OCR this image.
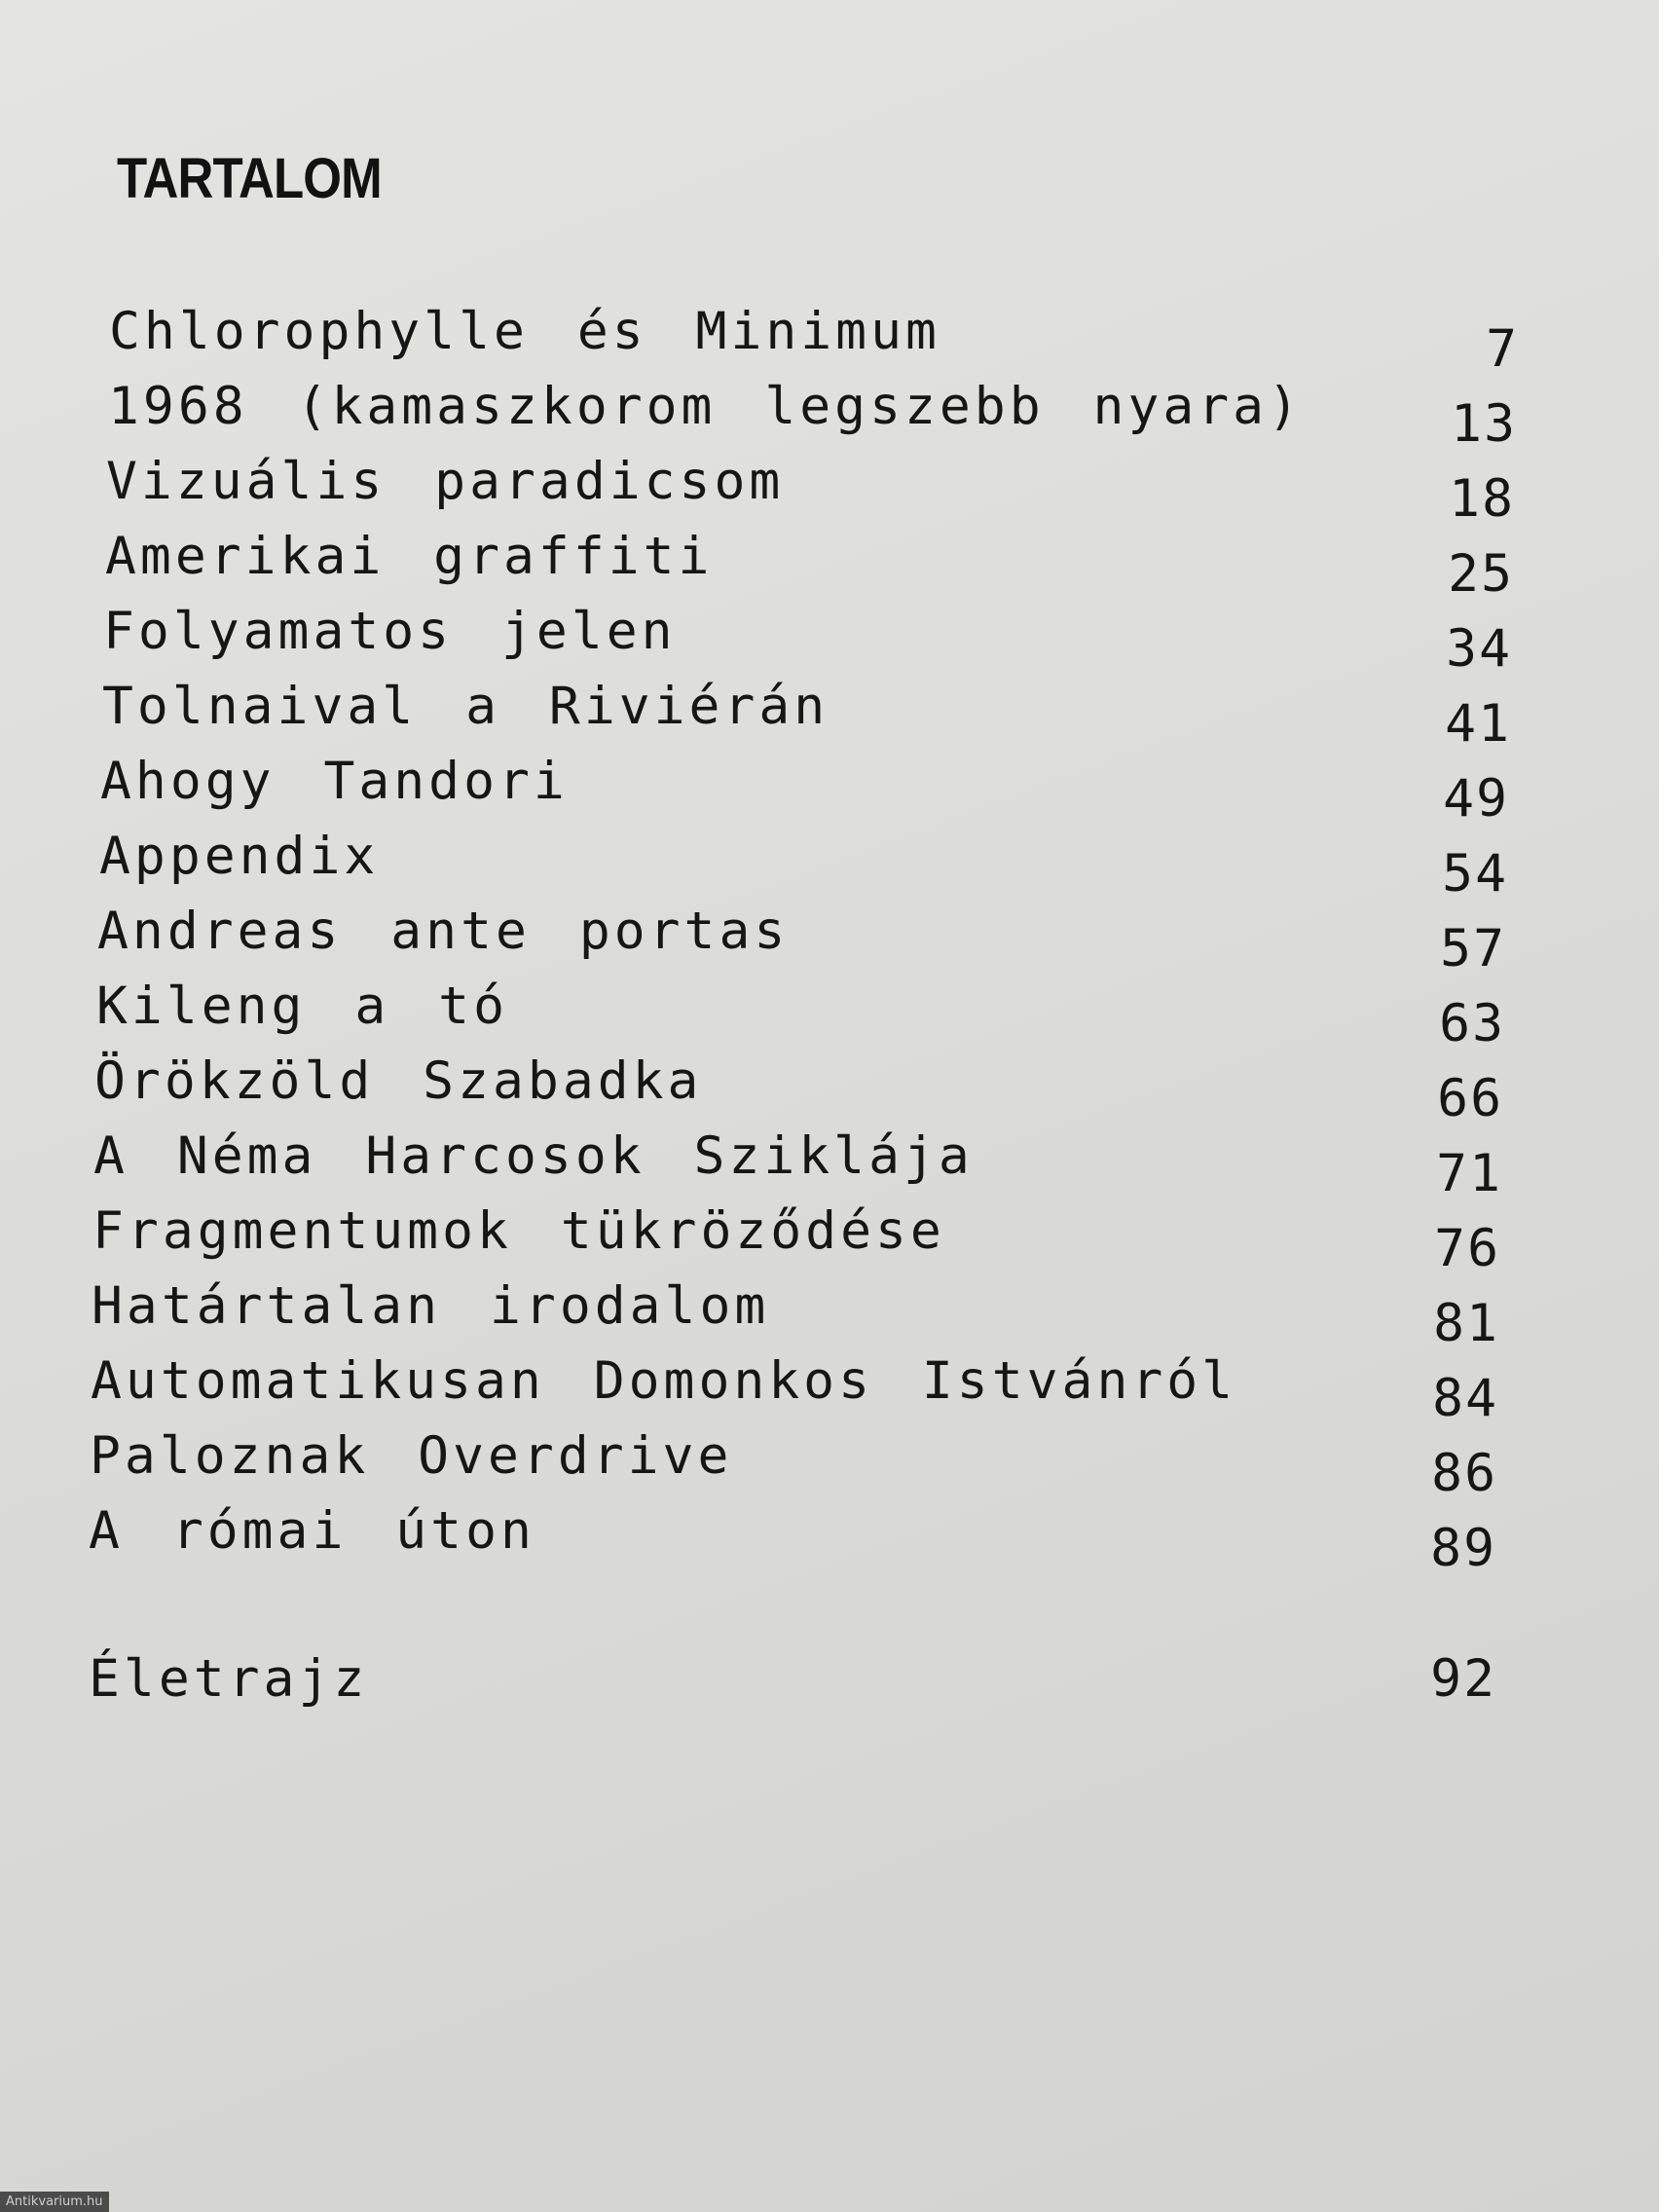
TARTALOM
Chlorophylle és Minimum	7
1968 (kamaszkorom legszebb nyara)	13
Vizuális paradicsom	18
Amerikai graffiti	25
Folyamatos jelen	34
Tolnaival a Riviérán	41
Ahogy Tandori	49
Appendix	54
Andreas ante portas	57
Kileng a tó	63
Örökzöld Szabadka	66
A Néma Harcosok Sziklája	71
Fragmentumok tükröződése	76
Határtalan irodalom	81
Automatikusan Domonkos Istvánról	84
Paloznak Overdrive	86
A római úton	89
Életrajz	92
Antikvarium.hu
